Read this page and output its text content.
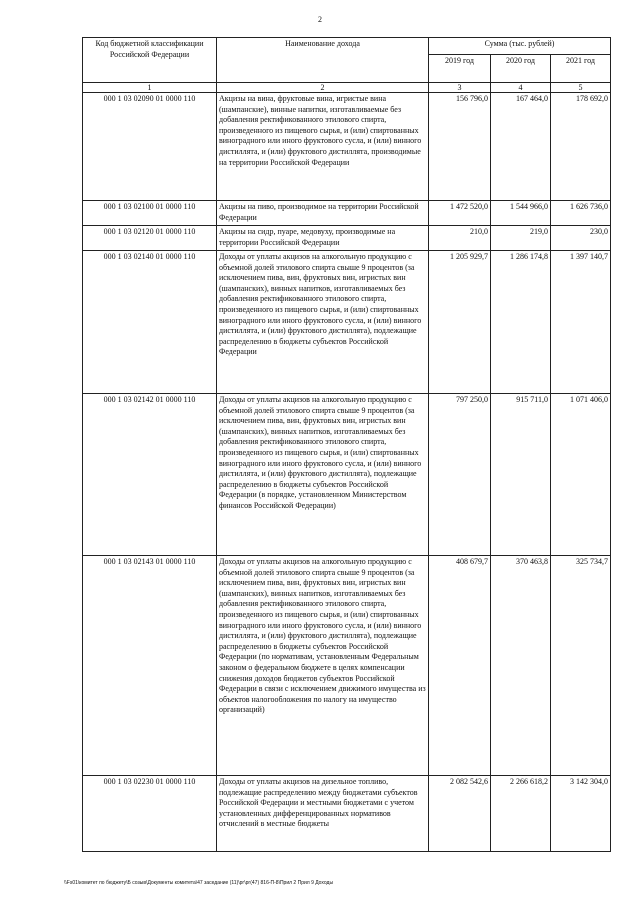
2
Код бюджетной классификации Российской Федерации	Наименование дохода	Сумма (тыс. рублей)		
		2019 год	2020 год	2021 год
1	2	3	4	5
000 1 03 02090 01 0000 110	Акцизы на вина, фруктовые вина, игристые вина (шампанские), винные напитки, изготавливаемые без добавления ректификованного этилового спирта, произведенного из пищевого сырья, и (или) спиртованных виноградного или иного фруктового сусла, и (или) винного дистиллята, и (или) фруктового дистиллята, производимые на территории Российской Федерации	156 796,0	167 464,0	178 692,0
000 1 03 02100 01 0000 110	Акцизы на пиво, производимое на территории Российской Федерации	1 472 520,0	1 544 966,0	1 626 736,0
000 1 03 02120 01 0000 110	Акцизы на сидр, пуаре, медовуху, производимые на территории Российской Федерации	210,0	219,0	230,0
000 1 03 02140 01 0000 110	Доходы от уплаты акцизов на алкогольную продукцию с объемной долей этилового спирта свыше 9 процентов (за исключением пива, вин, фруктовых вин, игристых вин (шампанских), винных напитков, изготавливаемых без добавления ректификованного этилового спирта, произведенного из пищевого сырья, и (или) спиртованных виноградного или иного фруктового сусла, и (или) винного дистиллята, и (или) фруктового дистиллята), подлежащие распределению в бюджеты субъектов Российской Федерации	1 205 929,7	1 286 174,8	1 397 140,7
000 1 03 02142 01 0000 110	Доходы от уплаты акцизов на алкогольную продукцию с объемной долей этилового спирта свыше 9 процентов (за исключением пива, вин, фруктовых вин, игристых вин (шампанских), винных напитков, изготавливаемых без добавления ректификованного этилового спирта, произведенного из пищевого сырья, и (или) спиртованных виноградного или иного фруктового сусла, и (или) винного дистиллята, и (или) фруктового дистиллята), подлежащие распределению в бюджеты субъектов Российской Федерации (в порядке, установленном Министерством финансов Российской Федерации)	797 250,0	915 711,0	1 071 406,0
000 1 03 02143 01 0000 110	Доходы от уплаты акцизов на алкогольную продукцию с объемной долей этилового спирта свыше 9 процентов (за исключением пива, вин, фруктовых вин, игристых вин (шампанских), винных напитков, изготавливаемых без добавления ректификованного этилового спирта, произведенного из пищевого сырья, и (или) спиртованных виноградного или иного фруктового сусла, и (или) винного дистиллята, и (или) фруктового дистиллята), подлежащие распределению в бюджеты субъектов Российской Федерации (по нормативам, установленным Федеральным законом о федеральном бюджете в целях компенсации снижения доходов бюджетов субъектов Российской Федерации в связи с исключением движимого имущества из объектов налогообложения по налогу на имущество организаций)	408 679,7	370 463,8	325 734,7
000 1 03 02230 01 0000 110	Доходы от уплаты акцизов на дизельное топливо, подлежащие распределению между бюджетами субъектов Российской Федерации и местными бюджетами с учетом установленных дифференцированных нормативов отчислений в местные бюджеты	2 082 542,6	2 266 618,2	3 142 304,0
\\Fs01\комитет по бюджету\Б созыв\Документы комитета\47 заседание (11)\рг\рг(47) 816-П-8\Прил 2 Прил 9 Доходы
